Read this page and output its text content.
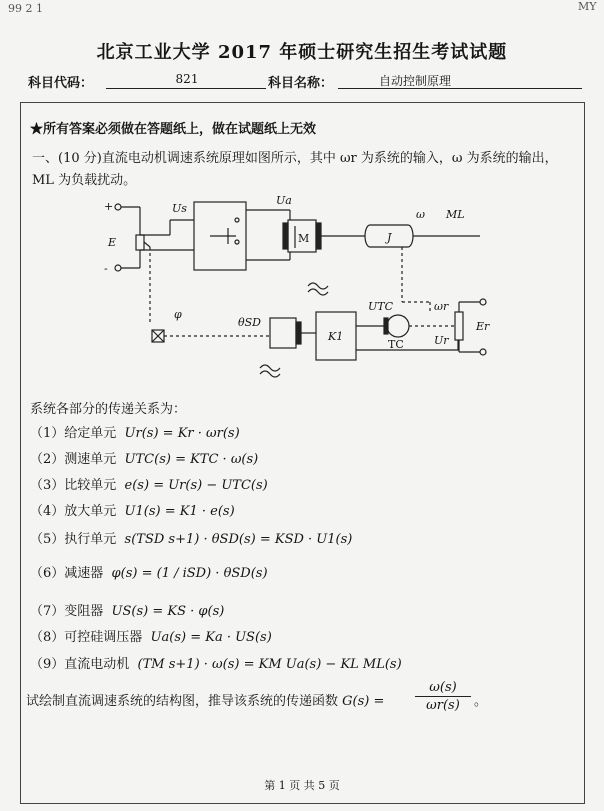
99 2 1	MY
北京工业大学 2017 年硕士研究生招生考试试题
科目代码：	821	科目名称：	自动控制原理
★所有答案必须做在答题纸上，做在试题纸上无效
一、(10 分)直流电动机调速系统原理如图所示，其中 ωr 为系统的输入，ω 为系统的输出，
ML 为负载扰动。
+
-
E
Us
Ua
M	J
ω ML
φ
θSD
K1
UTC
TC
ωr
Ur
Er
系统各部分的传递关系为：
（1）给定单元 Ur(s) = Kr · ωr(s)
（2）测速单元 UTC(s) = KTC · ω(s)
（3）比较单元 e(s) = Ur(s) − UTC(s)
（4）放大单元 U1(s) = K1 · e(s)
（5）执行单元 s(TSD s+1) · θSD(s) = KSD · U1(s)
（6）减速器 φ(s) = (1 / iSD) · θSD(s)
（7）变阻器 US(s) = KS · φ(s)
（8）可控硅调压器 Ua(s) = Ka · US(s)
（9）直流电动机 (TM s+1) · ω(s) = KM Ua(s) − KL ML(s)
试绘制直流调速系统的结构图，推导该系统的传递函数 $G(s) = \frac{\omega(s)}{\omega r(s)}$ 。
第 1 页 共 5 页
